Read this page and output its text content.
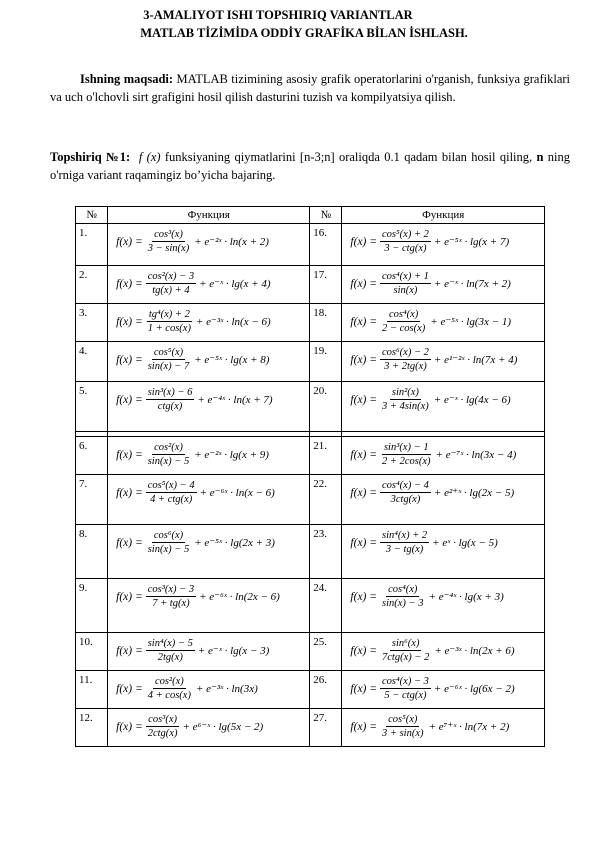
3-AMALIYOT ISHI TOPSHIRIQ VARIANTLAR
MATLAB TİZİMİDA ODDİY GRAFİKA BİLAN İSHLASH.
Ishning maqsadi: MATLAB tizimining asosiy grafik operatorlarini o'rganish, funksiya grafiklari va uch o'lchovli sirt grafigini hosil qilish dasturini tuzish va kompilyatsiya qilish.
Topshiriq №1: f (x) funksiyaning qiymatlarini [n-3;n] oraliqda 0.1 qadam bilan hosil qiling, n ning o'rniga variant raqamingiz bo’yicha bajaring.
№	Функция	№	Функция
1.	$f(x) = \frac{\text{cos³(x)}}{3 - \sin(x)}$ + e⁻²ˣ · ln(x + 2)	16.	$f(x) = \frac{\text{cos⁵(x) + 2}}{\text{3 − ctg(x)}}$ + e⁻⁵ˣ · lg(x + 7)

2.	$f(x) = \frac{\text{cos²(x) − 3}}{tg(x) + 4}$ + e⁻ˣ · lg(x + 4)	17.	$f(x) = \frac{\text{cos⁴(x) + 1}}{\sin(x)}$ + e⁻ˣ · ln(7x + 2)

3.	$f(x) = \frac{\text{tg⁴(x) + 2}}{1 + \cos(x)}$ + e⁻³ˣ · ln(x − 6)	18.	$f(x) = \frac{\text{cos⁴(x)}}{2 - \cos(x)}$ + e⁻⁵ˣ · lg(3x − 1)

4.	$f(x) = \frac{\text{cos⁵(x)}}{\sin(x) - 7}$ + e⁻⁵ˣ · lg(x + 8)	19.	$f(x) = \frac{\text{cos⁶(x) − 2}}{3 + 2tg(x)}$ + e¹⁻²ˣ · ln(7x + 4)

5.	$f(x) = \frac{\text{sin³(x) − 6}}{\text{ctg(x)}}$ + e⁻⁴ˣ · ln(x + 7)	20.	$f(x) = \frac{\text{sin²(x)}}{3 + 4\sin(x)}$ + e⁻ˣ · lg(4x − 6)

6.	$f(x) = \frac{\text{cos²(x)}}{\sin(x) - 5}$ + e⁻²ˣ · lg(x + 9)	21.	$f(x) = \frac{\text{sin³(x) − 1}}{2 + 2\cos(x)}$ + e⁻⁷ˣ · ln(3x − 4)

7.	$f(x) = \frac{\text{cos⁵(x) − 4}}{\text{4 + ctg(x)}}$ + e⁻⁶ˣ · ln(x − 6)	22.	$f(x) = \frac{\text{cos⁴(x) − 4}}{\text{3ctg(x)}}$ + e²⁺ˣ · lg(2x − 5)

8.	$f(x) = \frac{\text{cos⁶(x)}}{\sin(x) - 5}$ + e⁻⁵ˣ · lg(2x + 3)	23.	$f(x) = \frac{\text{sin⁴(x) + 2}}{3 - tg(x)}$ + eˣ · lg(x − 5)

9.	$f(x) = \frac{\text{cos³(x) − 3}}{7 + tg(x)}$ + e⁻⁶ˣ · ln(2x − 6)	24.	$f(x) = \frac{\text{cos⁴(x)}}{\sin(x) - 3}$ + e⁻⁴ˣ · lg(x + 3)

10.	$f(x) = \frac{\text{sin⁴(x) − 5}}{2tg(x)}$ + e⁻ˣ · lg(x − 3)	25.	$f(x) = \frac{\text{sin⁶(x)}}{\text{7ctg(x) − 2}}$ + e⁻³ˣ · ln(2x + 6)

11.	$f(x) = \frac{\text{cos²(x)}}{4 + \cos(x)}$ + e⁻³ˣ · ln(3x)	26.	$f(x) = \frac{\text{cos⁴(x) − 3}}{\text{5 − ctg(x)}}$ + e⁻⁶ˣ · lg(6x − 2)

12.	$f(x) = \frac{\text{cos³(x)}}{\text{2ctg(x)}}$ + e⁶⁻ˣ · lg(5x − 2)	27.	$f(x) = \frac{\text{cos⁵(x)}}{3 + \sin(x)}$ + e⁷⁺ˣ · ln(7x + 2)
